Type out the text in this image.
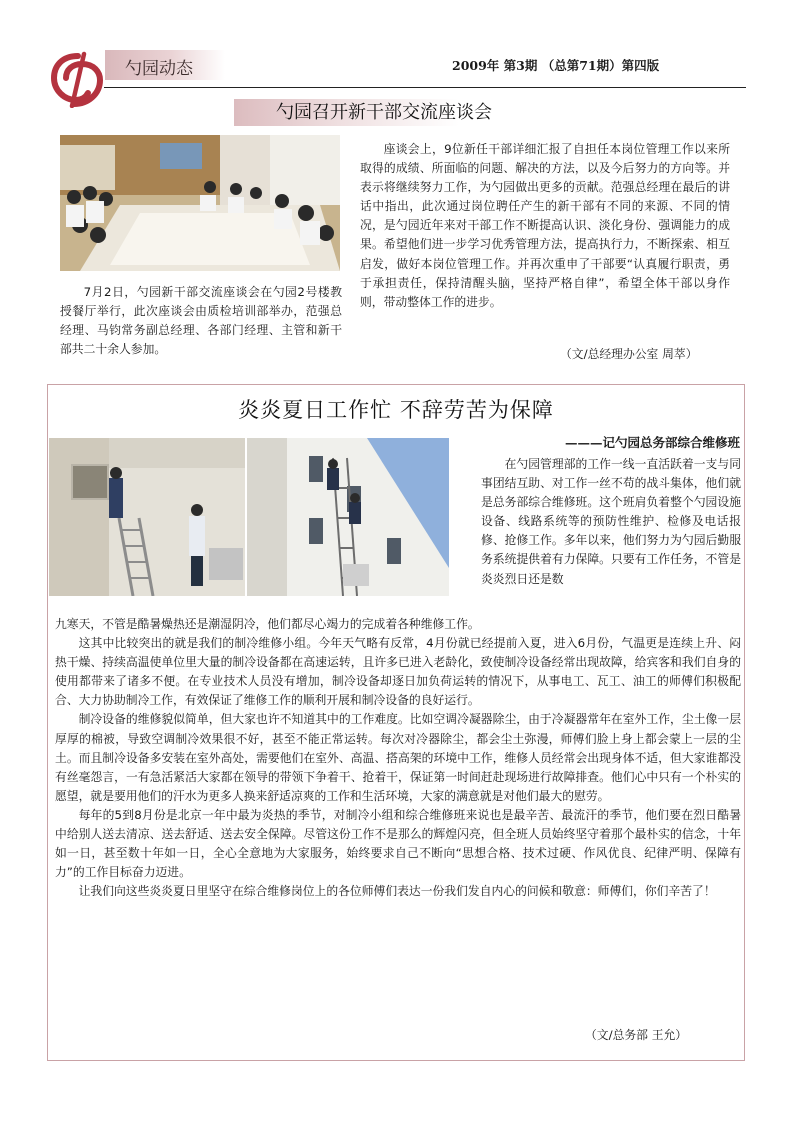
勺园动态	2009年 第3期 （总第71期）第四版
勺园召开新干部交流座谈会
7月2日，勺园新干部交流座谈会在勺园2号楼教授餐厅举行，此次座谈会由质检培训部举办，范强总经理、马钧常务副总经理、各部门经理、主管和新干部共二十余人参加。
座谈会上，9位新任干部详细汇报了自担任本岗位管理工作以来所取得的成绩、所面临的问题、解决的方法，以及今后努力的方向等。并表示将继续努力工作，为勺园做出更多的贡献。范强总经理在最后的讲话中指出，此次通过岗位聘任产生的新干部有不同的来源、不同的情况，是勺园近年来对干部工作不断提高认识、淡化身份、强调能力的成果。希望他们进一步学习优秀管理方法，提高执行力，不断探索、相互启发，做好本岗位管理工作。并再次重申了干部要“认真履行职责，勇于承担责任，保持清醒头脑，坚持严格自律”，希望全体干部以身作则，带动整体工作的进步。
（文/总经理办公室 周萃）
炎炎夏日工作忙 不辞劳苦为保障
———记勺园总务部综合维修班
在勺园管理部的工作一线一直活跃着一支与同事团结互助、对工作一丝不苟的战斗集体，他们就是总务部综合维修班。这个班肩负着整个勺园设施设备、线路系统等的预防性维护、检修及电话报修、抢修工作。多年以来，他们努力为勺园后勤服务系统提供着有力保障。只要有工作任务，不管是炎炎烈日还是数

九寒天，不管是酷暑燥热还是潮湿阴冷，他们都尽心竭力的完成着各种维修工作。

这其中比较突出的就是我们的制冷维修小组。今年天气略有反常，4月份就已经提前入夏，进入6月份，气温更是连续上升、闷热干燥、持续高温使单位里大量的制冷设备都在高速运转，且许多已进入老龄化，致使制冷设备经常出现故障，给宾客和我们自身的使用都带来了诸多不便。在专业技术人员没有增加，制冷设备却逐日加负荷运转的情况下，从事电工、瓦工、油工的师傅们积极配合、大力协助制冷工作，有效保证了维修工作的顺利开展和制冷设备的良好运行。

制冷设备的维修貌似简单，但大家也许不知道其中的工作难度。比如空调冷凝器除尘，由于冷凝器常年在室外工作，尘土像一层厚厚的棉被，导致空调制冷效果很不好，甚至不能正常运转。每次对冷器除尘，都会尘土弥漫，师傅们脸上身上都会蒙上一层的尘土。而且制冷设备多安装在室外高处，需要他们在室外、高温、搭高架的环境中工作，维修人员经常会出现身体不适，但大家谁都没有丝毫怨言，一有急活紧活大家都在领导的带领下争着干、抢着干，保证第一时间赶赴现场进行故障排查。他们心中只有一个朴实的愿望，就是要用他们的汗水为更多人换来舒适凉爽的工作和生活环境，大家的满意就是对他们最大的慰劳。

每年的5到8月份是北京一年中最为炎热的季节，对制冷小组和综合维修班来说也是最辛苦、最流汗的季节，他们要在烈日酷暑中给别人送去清凉、送去舒适、送去安全保障。尽管这份工作不是那么的辉煌闪亮，但全班人员始终坚守着那个最朴实的信念，十年如一日，甚至数十年如一日，全心全意地为大家服务，始终要求自己不断向“思想合格、技术过硬、作风优良、纪律严明、保障有力”的工作目标奋力迈进。

让我们向这些炎炎夏日里坚守在综合维修岗位上的各位师傅们表达一份我们发自内心的问候和敬意：师傅们，你们辛苦了！

（文/总务部 王允）
